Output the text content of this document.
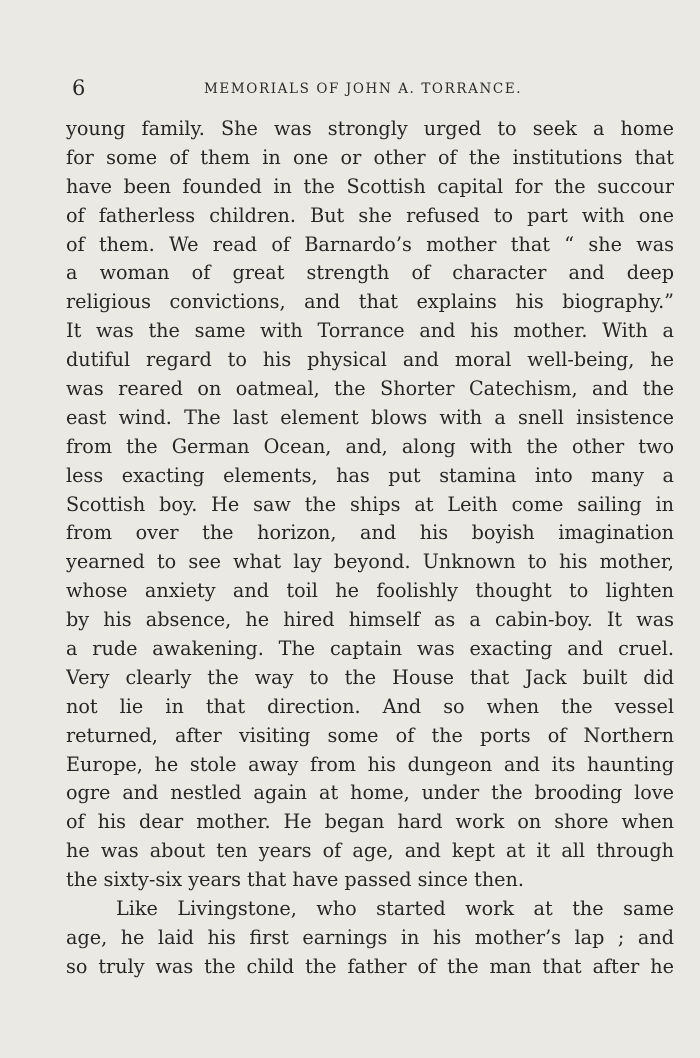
6	MEMORIALS OF JOHN A. TORRANCE.
young family. She was strongly urged to seek a home
for some of them in one or other of the institutions that
have been founded in the Scottish capital for the succour
of fatherless children. But she refused to part with one
of them. We read of Barnardo’s mother that “ she was
a woman of great strength of character and deep
religious convictions, and that explains his biography.”
It was the same with Torrance and his mother. With a
dutiful regard to his physical and moral well-being, he
was reared on oatmeal, the Shorter Catechism, and the
east wind. The last element blows with a snell insistence
from the German Ocean, and, along with the other two
less exacting elements, has put stamina into many a
Scottish boy. He saw the ships at Leith come sailing in
from over the horizon, and his boyish imagination
yearned to see what lay beyond. Unknown to his mother,
whose anxiety and toil he foolishly thought to lighten
by his absence, he hired himself as a cabin-boy. It was
a rude awakening. The captain was exacting and cruel.
Very clearly the way to the House that Jack built did
not lie in that direction. And so when the vessel
returned, after visiting some of the ports of Northern
Europe, he stole away from his dungeon and its haunting
ogre and nestled again at home, under the brooding love
of his dear mother. He began hard work on shore when
he was about ten years of age, and kept at it all through
the sixty-six years that have passed since then.
Like Livingstone, who started work at the same
age, he laid his first earnings in his mother’s lap ; and
so truly was the child the father of the man that after he
